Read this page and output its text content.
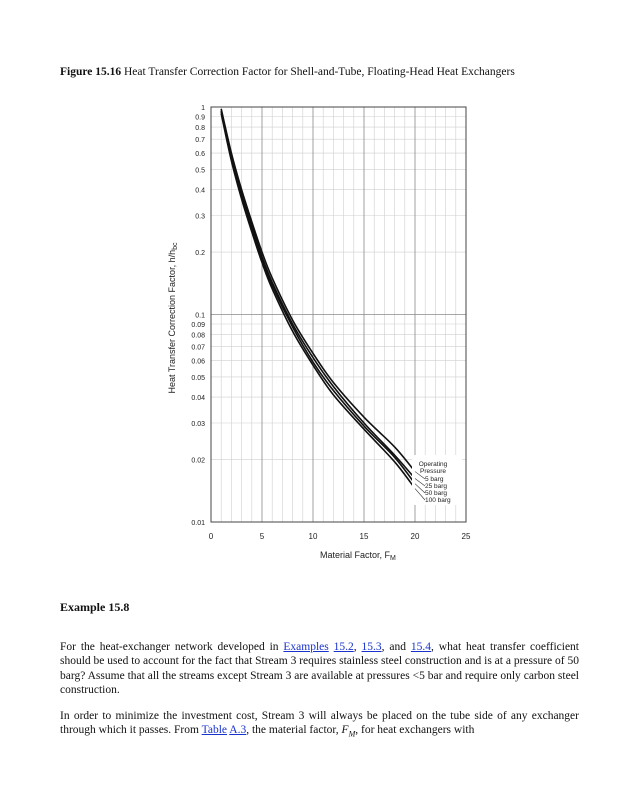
Figure 15.16 Heat Transfer Correction Factor for Shell-and-Tube, Floating-Head Heat Exchangers
1
0.9
0.8
0.7
0.6
0.5
0.4
0.3
0.2
0.1
0.09
0.08
0.07
0.06
0.05
0.04
0.03
0.02
0.01
0	5	10	15	20	25
Material Factor, $F_M$
Heat Transfer Correction Factor, $h/h_{bc}$
Operating
Pressure
5 barg
25 barg
50 barg
100 barg
Example 15.8

For the heat-exchanger network developed in Examples 15.2, 15.3, and 15.4, what heat transfer coefficient should be used to account for the fact that Stream 3 requires stainless steel construction and is at a pressure of 50 barg? Assume that all the streams except Stream 3 are available at pressures <5 bar and require only carbon steel construction.

In order to minimize the investment cost, Stream 3 will always be placed on the tube side of any exchanger through which it passes. From Table A.3, the material factor, $F_M$, for heat exchangers with
